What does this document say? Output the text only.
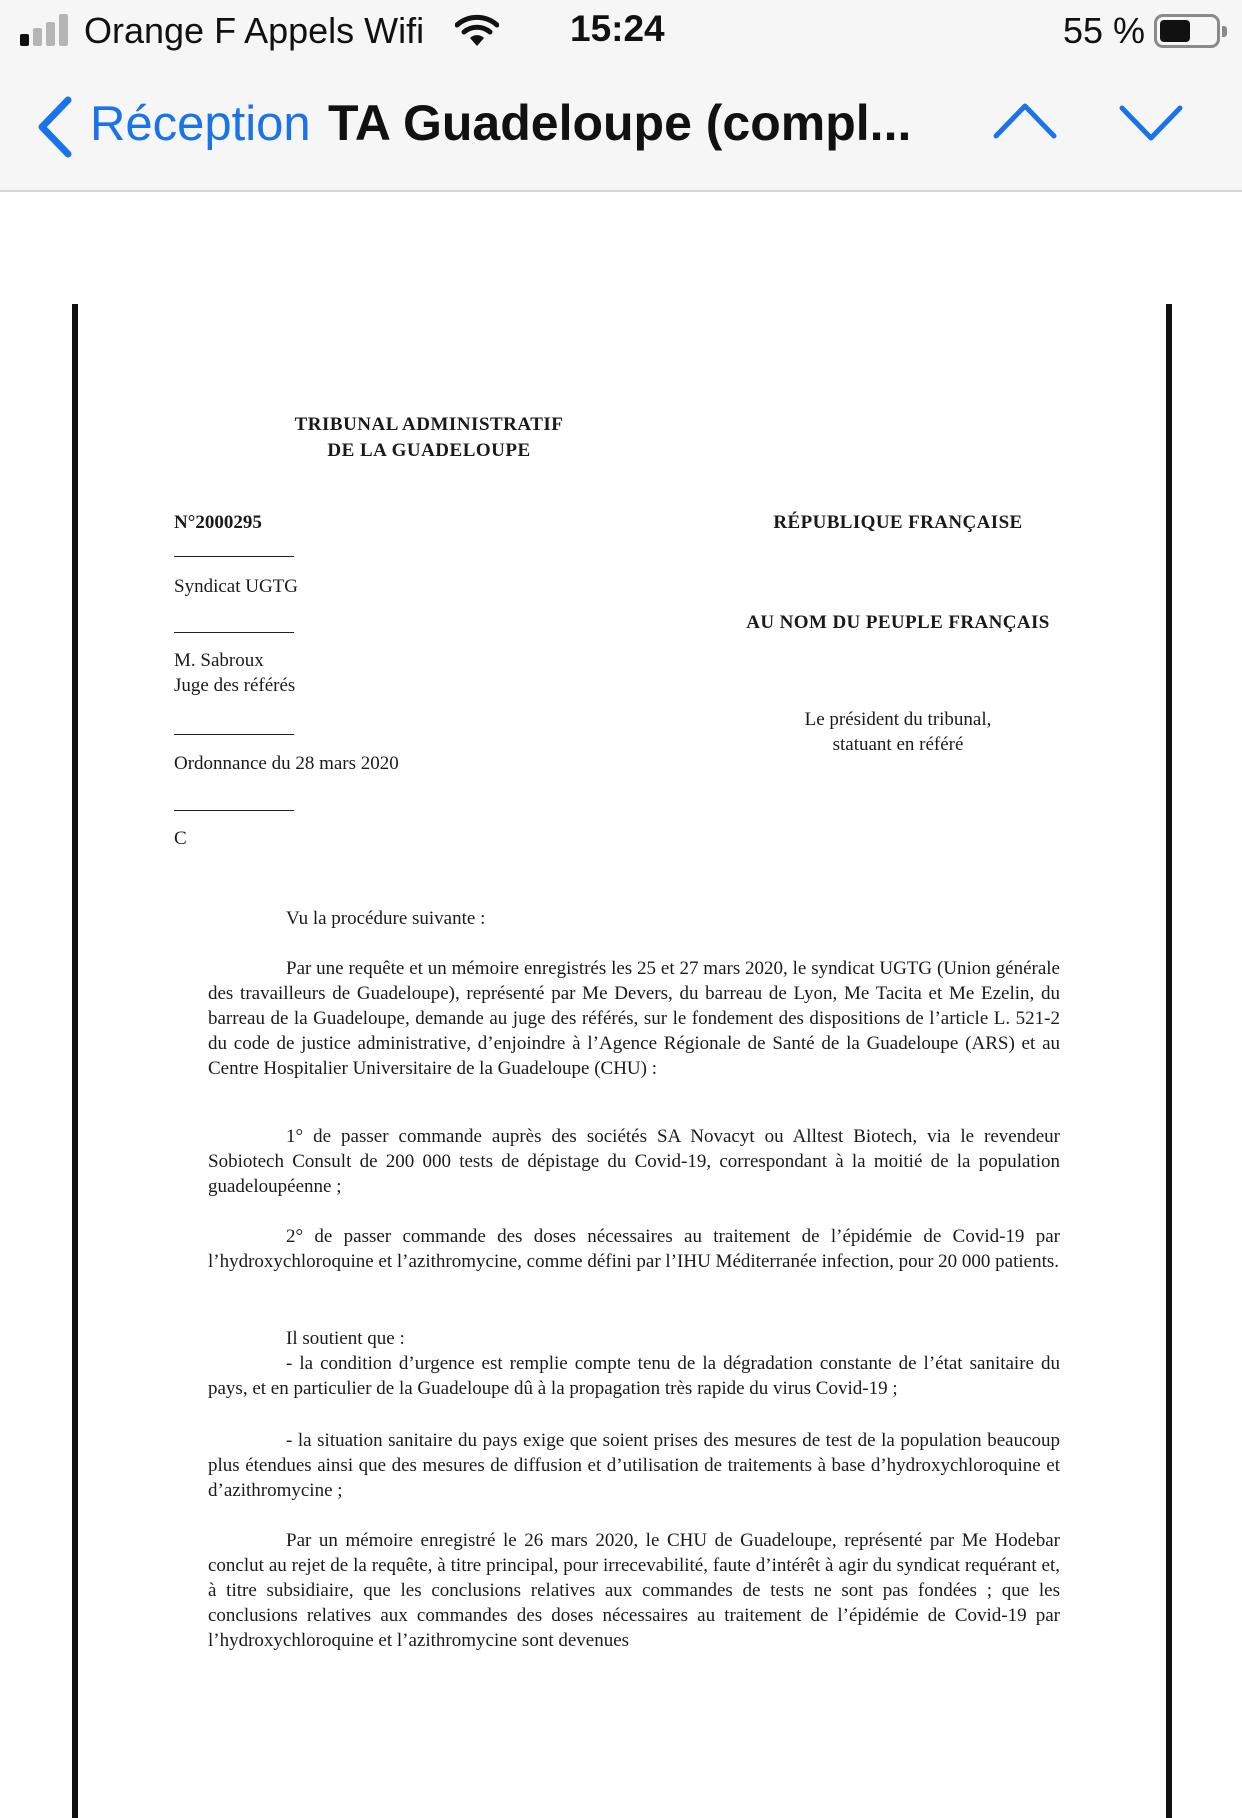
Orange F Appels Wifi	15:24	55 %
Réception TA Guadeloupe (compl...
TRIBUNAL ADMINISTRATIF
DE LA GUADELOUPE
N°2000295
Syndicat UGTG
M. Sabroux
Juge des référés
Ordonnance du 28 mars 2020
C
RÉPUBLIQUE FRANÇAISE
AU NOM DU PEUPLE FRANÇAIS
Le président du tribunal,
statuant en référé
Vu la procédure suivante :
Par une requête et un mémoire enregistrés les 25 et 27 mars 2020, le syndicat UGTG (Union générale des travailleurs de Guadeloupe), représenté par Me Devers, du barreau de Lyon, Me Tacita et Me Ezelin, du barreau de la Guadeloupe, demande au juge des référés, sur le fondement des dispositions de l’article L. 521-2 du code de justice administrative, d’enjoindre à l’Agence Régionale de Santé de la Guadeloupe (ARS) et au Centre Hospitalier Universitaire de la Guadeloupe (CHU) :
1° de passer commande auprès des sociétés SA Novacyt ou Alltest Biotech, via le revendeur Sobiotech Consult de 200 000 tests de dépistage du Covid-19, correspondant à la moitié de la population guadeloupéenne ;
2° de passer commande des doses nécessaires au traitement de l’épidémie de Covid-19 par l’hydroxychloroquine et l’azithromycine, comme défini par l’IHU Méditerranée infection, pour 20 000 patients.
Il soutient que :
- la condition d’urgence est remplie compte tenu de la dégradation constante de l’état sanitaire du pays, et en particulier de la Guadeloupe dû à la propagation très rapide du virus Covid-19 ;
- la situation sanitaire du pays exige que soient prises des mesures de test de la population beaucoup plus étendues ainsi que des mesures de diffusion et d’utilisation de traitements à base d’hydroxychloroquine et d’azithromycine ;
Par un mémoire enregistré le 26 mars 2020, le CHU de Guadeloupe, représenté par Me Hodebar conclut au rejet de la requête, à titre principal, pour irrecevabilité, faute d’intérêt à agir du syndicat requérant et, à titre subsidiaire, que les conclusions relatives aux commandes de tests ne sont pas fondées ; que les conclusions relatives aux commandes des doses nécessaires au traitement de l’épidémie de Covid-19 par l’hydroxychloroquine et l’azithromycine sont devenues
